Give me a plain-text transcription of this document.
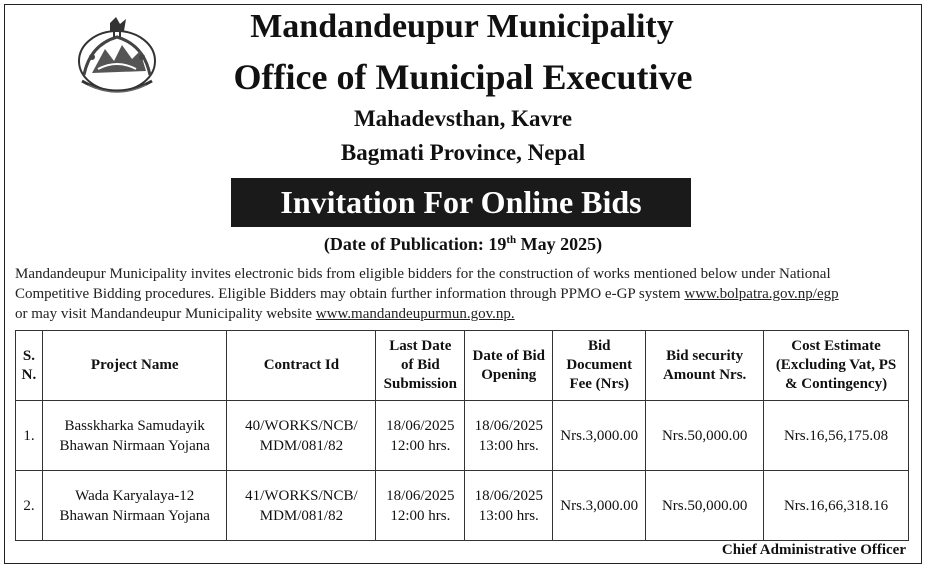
Mandandeupur Municipality
Office of Municipal Executive
Mahadevsthan, Kavre
Bagmati Province, Nepal
Invitation For Online Bids
(Date of Publication: 19th May 2025)
Mandandeupur Municipality invites electronic bids from eligible bidders for the construction of works mentioned below under National
Competitive Bidding procedures. Eligible Bidders may obtain further information through PPMO e-GP system www.bolpatra.gov.np/egp
or may visit Mandandeupur Municipality website www.mandandeupurmun.gov.np.
S.
N.	Project Name	Contract Id	Last Date
of Bid
Submission	Date of Bid
Opening	Bid
Document
Fee (Nrs)	Bid security
Amount Nrs.	Cost Estimate
(Excluding Vat, PS
& Contingency)
1.	Basskharka Samudayik
Bhawan Nirmaan Yojana	40/WORKS/NCB/
MDM/081/82	18/06/2025
12:00 hrs.	18/06/2025
13:00 hrs.	Nrs.3,000.00	Nrs.50,000.00	Nrs.16,56,175.08
2.	Wada Karyalaya-12
Bhawan Nirmaan Yojana	41/WORKS/NCB/
MDM/081/82	18/06/2025
12:00 hrs.	18/06/2025
13:00 hrs.	Nrs.3,000.00	Nrs.50,000.00	Nrs.16,66,318.16
Chief Administrative Officer
